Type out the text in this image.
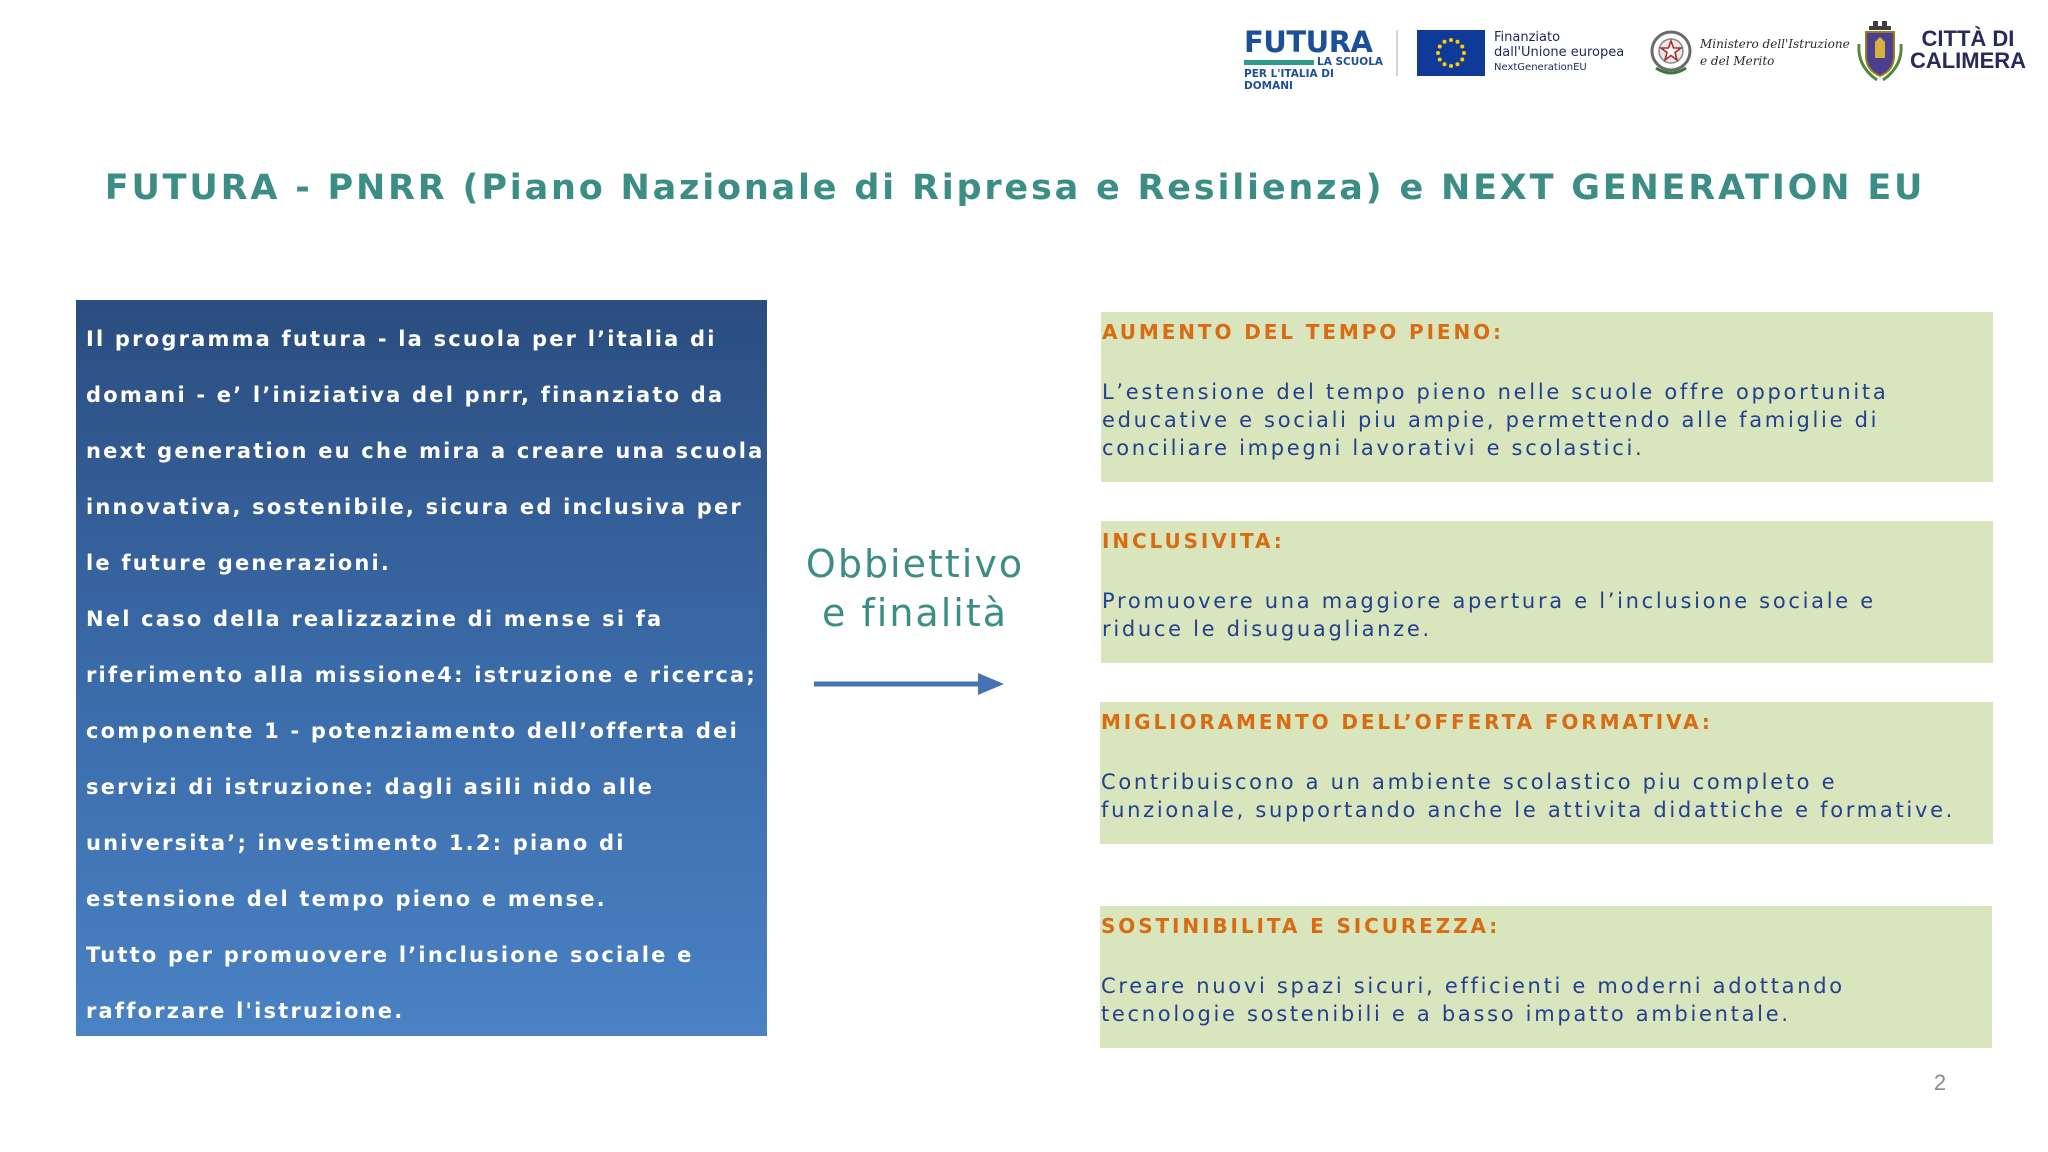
FUTURA
LA SCUOLA
PER L'ITALIA DI DOMANI
Finanziato
dall'Unione europea
NextGenerationEU
Ministero dell'Istruzione
e del Merito
CITTÀ DI
CALIMERA
FUTURA - PNRR (Piano Nazionale di Ripresa e Resilienza) e NEXT GENERATION EU
Il programma futura - la scuola per l’italia di
domani - e’ l’iniziativa del pnrr, finanziato da
next generation eu che mira a creare una scuola
innovativa, sostenibile, sicura ed inclusiva per
le future generazioni.
Nel caso della realizzazine di mense si fa
riferimento alla missione4: istruzione e ricerca;
componente 1 - potenziamento dell’offerta dei
servizi di istruzione: dagli asili nido alle
universita’; investimento 1.2: piano di
estensione del tempo pieno e mense.
Tutto per promuovere l’inclusione sociale e
rafforzare l'istruzione.
Obbiettivo
e finalità
AUMENTO DEL TEMPO PIENO:
L’estensione del tempo pieno nelle scuole offre opportunita
educative e sociali piu ampie, permettendo alle famiglie di
conciliare impegni lavorativi e scolastici.
INCLUSIVITA:
Promuovere una maggiore apertura e l’inclusione sociale e
riduce le disuguaglianze.
MIGLIORAMENTO DELL’OFFERTA FORMATIVA:
Contribuiscono a un ambiente scolastico piu completo e
funzionale, supportando anche le attivita didattiche e formative.
SOSTINIBILITA E SICUREZZA:
Creare nuovi spazi sicuri, efficienti e moderni adottando
tecnologie sostenibili e a basso impatto ambientale.
2
